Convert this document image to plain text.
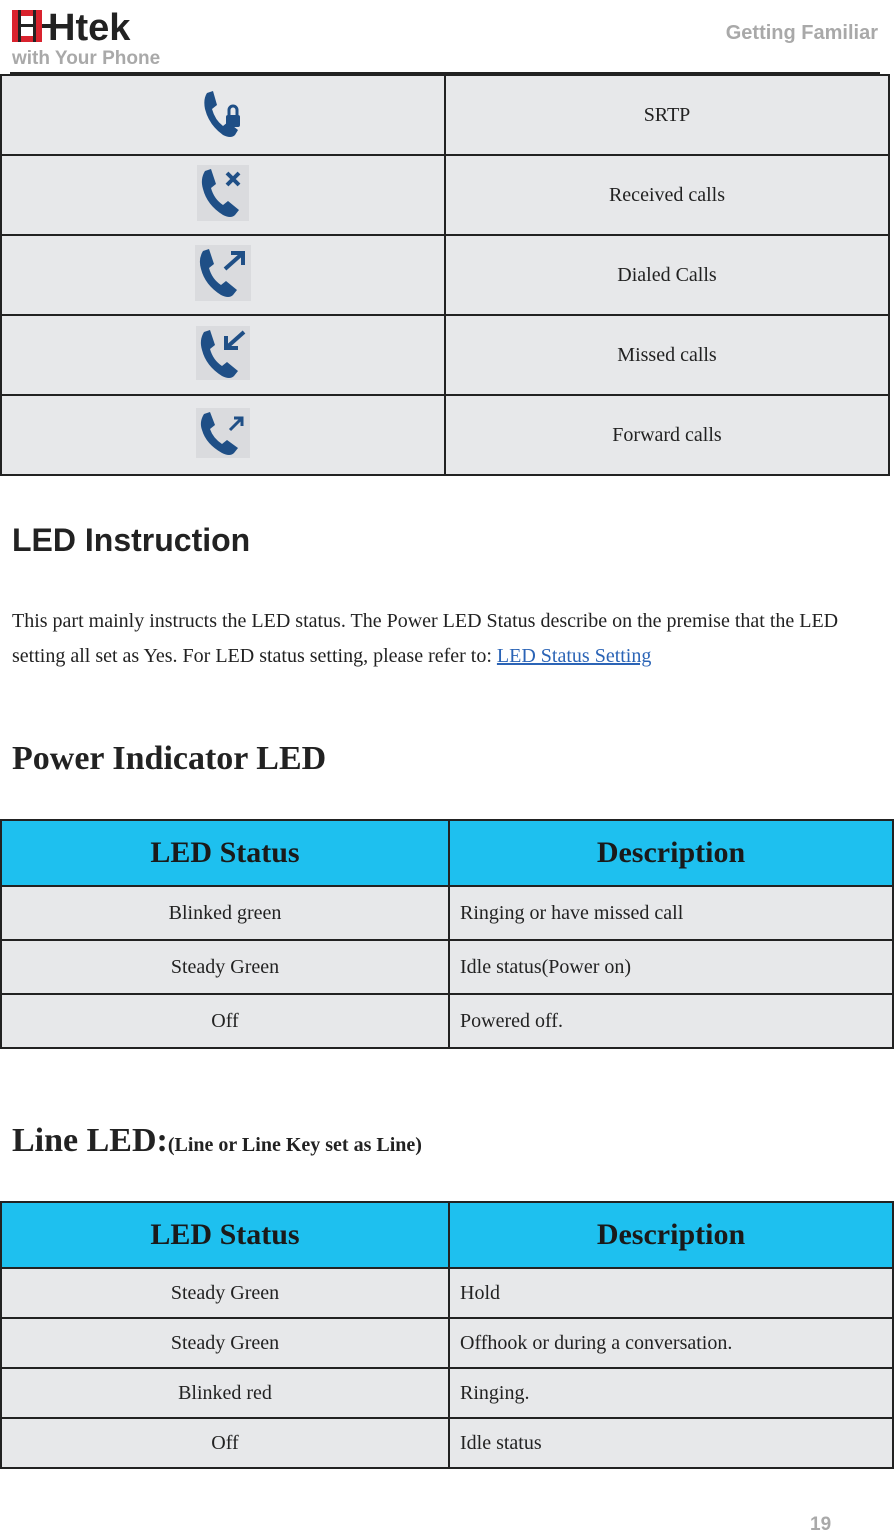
Htek
with Your Phone
Getting Familiar
	SRTP
	Received calls
	Dialed Calls
	Missed calls
	Forward calls
LED Instruction

This part mainly instructs the LED status. The Power LED Status describe on the premise that the LED setting all set as Yes. For LED status setting, please refer to: LED Status Setting

Power Indicator LED
LED Status	Description
Blinked green	Ringing or have missed call
Steady Green	Idle status(Power on)
Off	Powered off.
Line LED:(Line or Line Key set as Line)
LED Status	Description
Steady Green	Hold
Steady Green	Offhook or during a conversation.
Blinked red	Ringing.
Off	Idle status
19
